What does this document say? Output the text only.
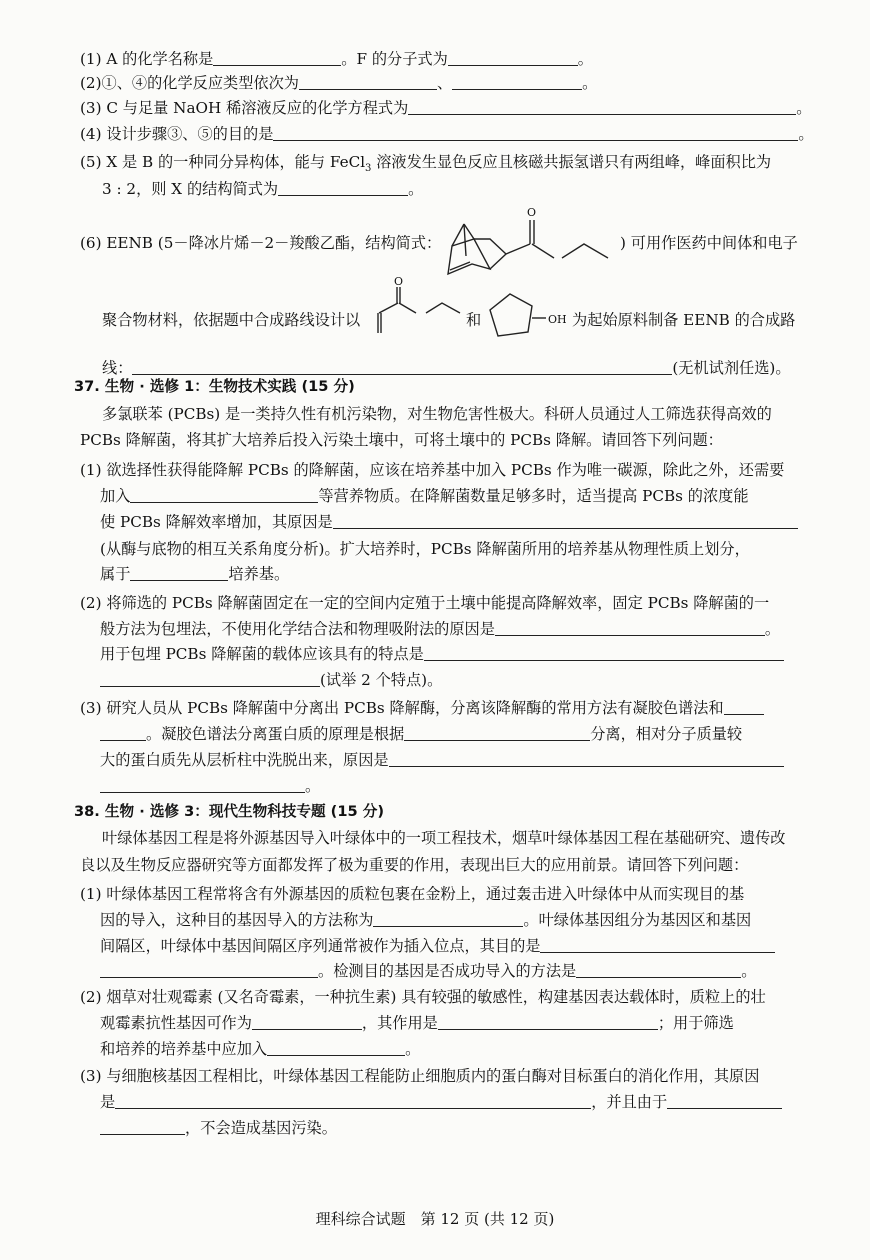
(1) A 的化学名称是	。F 的分子式为	。
(2)①、④的化学反应类型依次为	、	。
(3) C 与足量 NaOH 稀溶液反应的化学方程式为	。
(4) 设计步骤③、⑤的目的是	。
(5) X 是 B 的一种同分异构体，能与 FeCl$_3$ 溶液发生显色反应且核磁共振氢谱只有两组峰，峰面积比为
3 : 2，则 X 的结构简式为	。
(6) EENB (5－降冰片烯－2－羧酸乙酯，结构简式：
O
) 可用作医药中间体和电子
聚合物材料，依据题中合成路线设计以
O
和	OH 为起始原料制备 EENB 的合成路
线：	(无机试剂任选)。
37. 生物 · 选修 1：生物技术实践 (15 分)
多氯联苯 (PCBs) 是一类持久性有机污染物，对生物危害性极大。科研人员通过人工筛选获得高效的
PCBs 降解菌，将其扩大培养后投入污染土壤中，可将土壤中的 PCBs 降解。请回答下列问题：
(1) 欲选择性获得能降解 PCBs 的降解菌，应该在培养基中加入 PCBs 作为唯一碳源，除此之外，还需要
加入	等营养物质。在降解菌数量足够多时，适当提高 PCBs 的浓度能
使 PCBs 降解效率增加，其原因是
(从酶与底物的相互关系角度分析)。扩大培养时，PCBs 降解菌所用的培养基从物理性质上划分，
属于	培养基。
(2) 将筛选的 PCBs 降解菌固定在一定的空间内定殖于土壤中能提高降解效率，固定 PCBs 降解菌的一
般方法为包埋法，不使用化学结合法和物理吸附法的原因是	。
用于包埋 PCBs 降解菌的载体应该具有的特点是
(试举 2 个特点)。
(3) 研究人员从 PCBs 降解菌中分离出 PCBs 降解酶，分离该降解酶的常用方法有凝胶色谱法和
。凝胶色谱法分离蛋白质的原理是根据	分离，相对分子质量较
大的蛋白质先从层析柱中洗脱出来，原因是
。
38. 生物 · 选修 3：现代生物科技专题 (15 分)
叶绿体基因工程是将外源基因导入叶绿体中的一项工程技术，烟草叶绿体基因工程在基础研究、遗传改
良以及生物反应器研究等方面都发挥了极为重要的作用，表现出巨大的应用前景。请回答下列问题：
(1) 叶绿体基因工程常将含有外源基因的质粒包裹在金粉上，通过轰击进入叶绿体中从而实现目的基
因的导入，这种目的基因导入的方法称为	。叶绿体基因组分为基因区和基因
间隔区，叶绿体中基因间隔区序列通常被作为插入位点，其目的是
。检测目的基因是否成功导入的方法是	。
(2) 烟草对壮观霉素 (又名奇霉素，一种抗生素) 具有较强的敏感性，构建基因表达载体时，质粒上的壮
观霉素抗性基因可作为	，其作用是	；用于筛选
和培养的培养基中应加入	。
(3) 与细胞核基因工程相比，叶绿体基因工程能防止细胞质内的蛋白酶对目标蛋白的消化作用，其原因
是	，并且由于
，不会造成基因污染。
理科综合试题　第 12 页 (共 12 页)
